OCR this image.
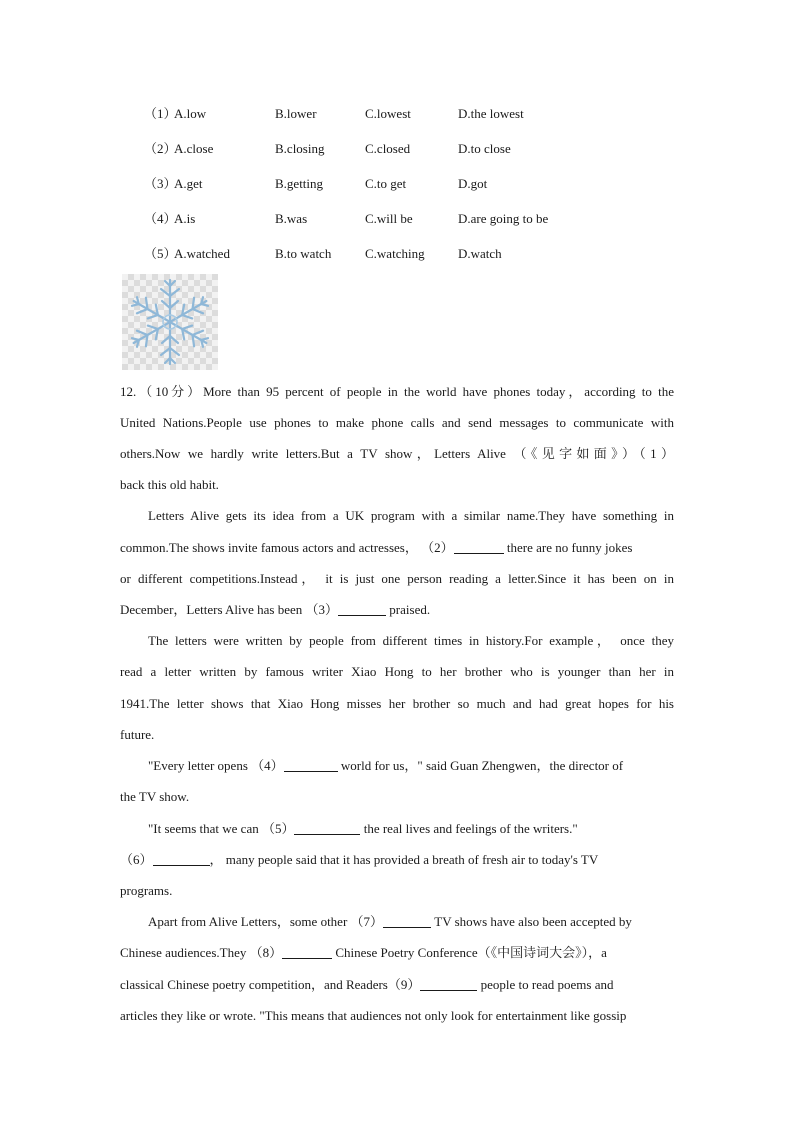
（1）
A.low	B.lower	C.lowest	D.the lowest
（2）
A.close	B.closing	C.closed	D.to close
（3）
A.get	B.getting	C.to get	D.got
（4）
A.is	B.was	C.will be	D.are going to be
（5）
A.watched	B.to watch	C.watching	D.watch
12.（10分）More than 95 percent of people in the world have phones today，according to the
United Nations.People use phones to make phone calls and send messages to communicate with
others.Now we hardly write letters.But a TV show，Letters Alive （《见字如面》）（1）
back this old habit.
Letters Alive gets its idea from a UK program with a similar name.They have something in
common.The shows invite famous actors and actresses， （2）	there are no funny jokes
or different competitions.Instead， it is just one person reading a letter.Since it has been on in
December，Letters Alive has been （3）	praised.
The letters were written by people from different times in history.For example， once they
read a letter written by famous writer Xiao Hong to her brother who is younger than her in
1941.The letter shows that Xiao Hong misses her brother so much and had great hopes for his
future.
"Every letter opens （4）	world for us，" said Guan Zhengwen，the director of
the TV show.
"It seems that we can （5）	the real lives and feelings of the writers."
（6）	， many people said that it has provided a breath of fresh air to today's TV
programs.
Apart from Alive Letters，some other （7）	TV shows have also been accepted by
Chinese audiences.They （8）	Chinese Poetry Conference（《中国诗词大会》），a
classical Chinese poetry competition，and Readers（9）	people to read poems and
articles they like or wrote. "This means that audiences not only look for entertainment like gossip
